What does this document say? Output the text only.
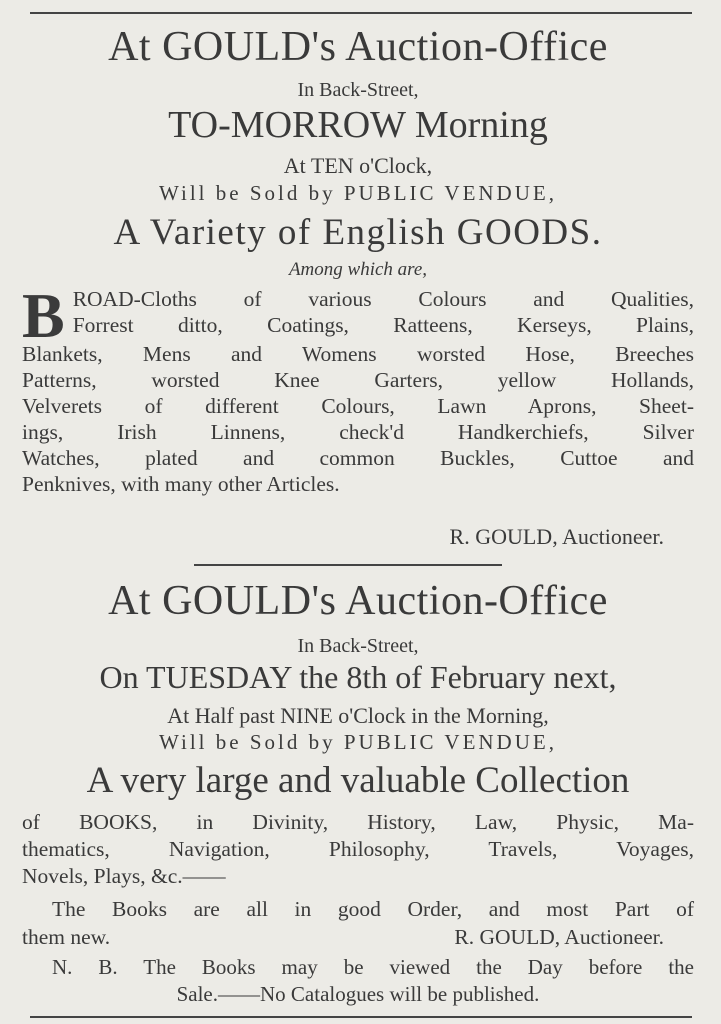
At GOULD's Auction-Office

In Back-Street,

TO-MORROW Morning

At TEN o'Clock,

Will be Sold by PUBLIC VENDUE,

A Variety of English GOODS.

Among which are,

B ROAD-Cloths of various Colours and Qualities,
Forrest ditto, Coatings, Ratteens, Kerseys, Plains,
Blankets, Mens and Womens worsted Hose, Breeches
Patterns, worsted Knee Garters, yellow Hollands,
Velverets of different Colours, Lawn Aprons, Sheet-
ings, Irish Linnens, check'd Handkerchiefs, Silver
Watches, plated and common Buckles, Cuttoe and
Penknives, with many other Articles.

R. GOULD, Auctioneer.

At GOULD's Auction-Office

In Back-Street,

On TUESDAY the 8th of February next,

At Half past NINE o'Clock in the Morning,

Will be Sold by PUBLIC VENDUE,

A very large and valuable Collection

of BOOKS, in Divinity, History, Law, Physic, Ma-
thematics, Navigation, Philosophy, Travels, Voyages,
Novels, Plays, &c.——

The Books are all in good Order, and most Part of

them new.	R. GOULD, Auctioneer.

N. B. The Books may be viewed the Day before the

Sale.——No Catalogues will be published.
